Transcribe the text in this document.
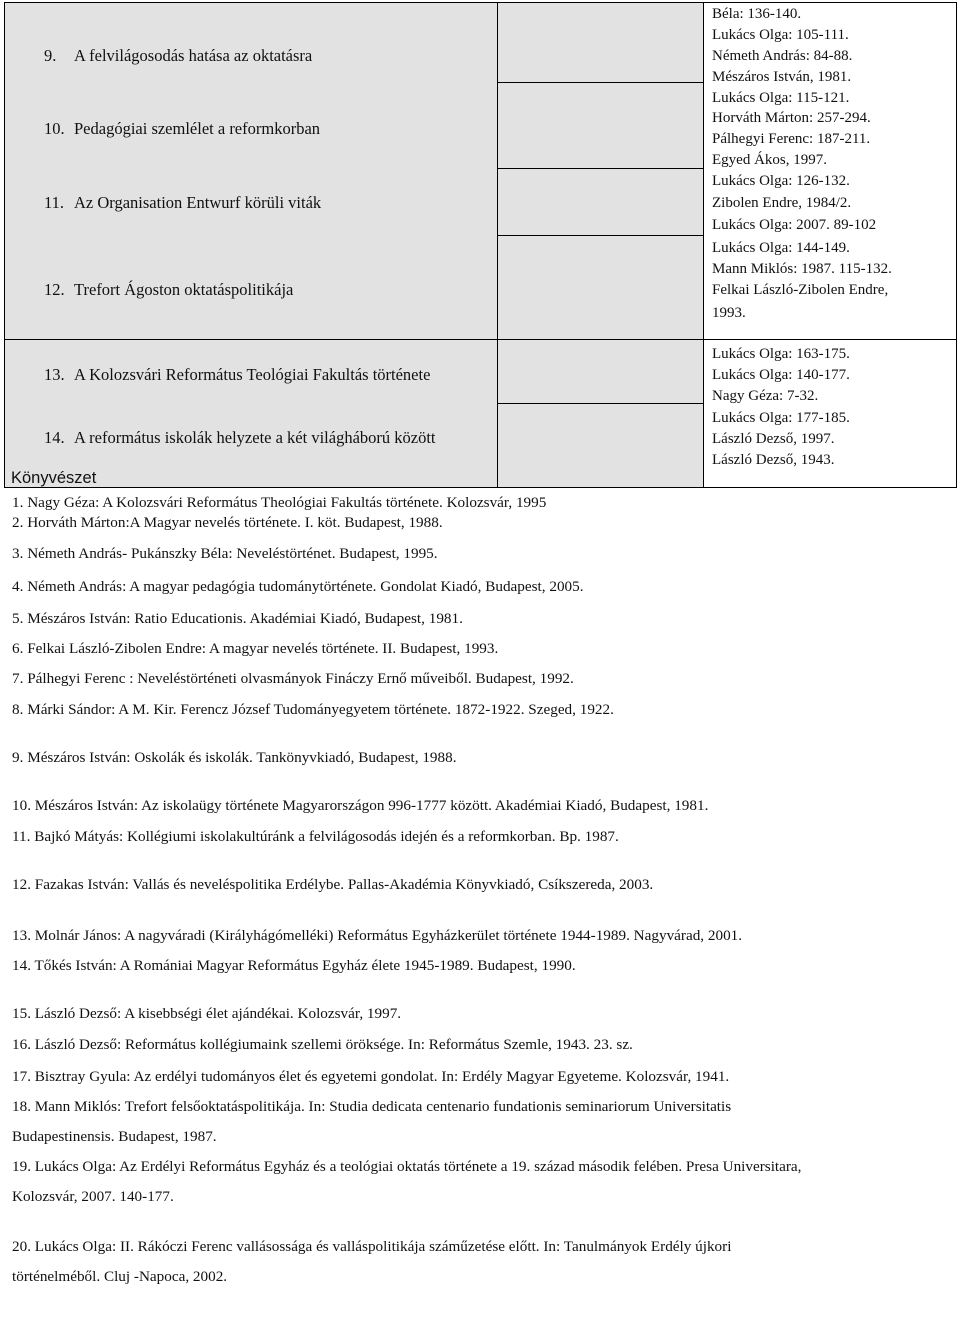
9. A felvilágosodás hatása az oktatásra
10. Pedagógiai szemlélet a reformkorban
11. Az Organisation Entwurf körüli viták
12. Trefort Ágoston oktatáspolitikája
13. A Kolozsvári Református Teológiai Fakultás története
14. A református iskolák helyzete a két világháború között
Béla: 136-140.
Lukács Olga: 105-111.
Németh András: 84-88.
Mészáros István, 1981.
Lukács Olga: 115-121.
Horváth Márton: 257-294.
Pálhegyi Ferenc: 187-211.
Egyed Ákos, 1997.
Lukács Olga: 126-132.
Zibolen Endre, 1984/2.
Lukács Olga: 2007. 89-102
Lukács Olga: 144-149.
Mann Miklós: 1987. 115-132.
Felkai László-Zibolen Endre,
1993.
Lukács Olga: 163-175.
Lukács Olga: 140-177.
Nagy Géza: 7-32.
Lukács Olga: 177-185.
László Dezső, 1997.
László Dezső, 1943.
Könyvészet
1. Nagy Géza: A Kolozsvári Református Theológiai Fakultás története. Kolozsvár, 1995
2. Horváth Márton:A Magyar nevelés története. I. köt. Budapest, 1988.
3. Németh András- Pukánszky Béla: Neveléstörténet. Budapest, 1995.
4. Németh András: A magyar pedagógia tudománytörténete. Gondolat Kiadó, Budapest, 2005.
5. Mészáros István: Ratio Educationis. Akadémiai Kiadó, Budapest, 1981.
6. Felkai László-Zibolen Endre: A magyar nevelés története. II. Budapest, 1993.
7. Pálhegyi Ferenc : Neveléstörténeti olvasmányok Fináczy Ernő műveiből. Budapest, 1992.
8. Márki Sándor: A M. Kir. Ferencz József Tudományegyetem története. 1872-1922. Szeged, 1922.
9. Mészáros István: Oskolák és iskolák. Tankönyvkiadó, Budapest, 1988.
10. Mészáros István: Az iskolaügy története Magyarországon 996-1777 között. Akadémiai Kiadó, Budapest, 1981.
11. Bajkó Mátyás: Kollégiumi iskolakultúránk a felvilágosodás idején és a reformkorban. Bp. 1987.
12. Fazakas István: Vallás és neveléspolitika Erdélybe. Pallas-Akadémia Könyvkiadó, Csíkszereda, 2003.
13. Molnár János: A nagyváradi (Királyhágómelléki) Református Egyházkerület története 1944-1989. Nagyvárad, 2001.
14. Tőkés István: A Romániai Magyar Református Egyház élete 1945-1989. Budapest, 1990.
15. László Dezső: A kisebbségi élet ajándékai. Kolozsvár, 1997.
16. László Dezső: Református kollégiumaink szellemi öröksége. In: Református Szemle, 1943. 23. sz.
17. Bisztray Gyula: Az erdélyi tudományos élet és egyetemi gondolat. In: Erdély Magyar Egyeteme. Kolozsvár, 1941.
18. Mann Miklós: Trefort felsőoktatáspolitikája. In: Studia dedicata centenario fundationis seminariorum Universitatis
Budapestinensis. Budapest, 1987.
19. Lukács Olga: Az Erdélyi Református Egyház és a teológiai oktatás története a 19. század második felében. Presa Universitara,
Kolozsvár, 2007. 140-177.
20. Lukács Olga: II. Rákóczi Ferenc vallásossága és valláspolitikája száműzetése előtt. In: Tanulmányok Erdély újkori
történelméből. Cluj -Napoca, 2002.
